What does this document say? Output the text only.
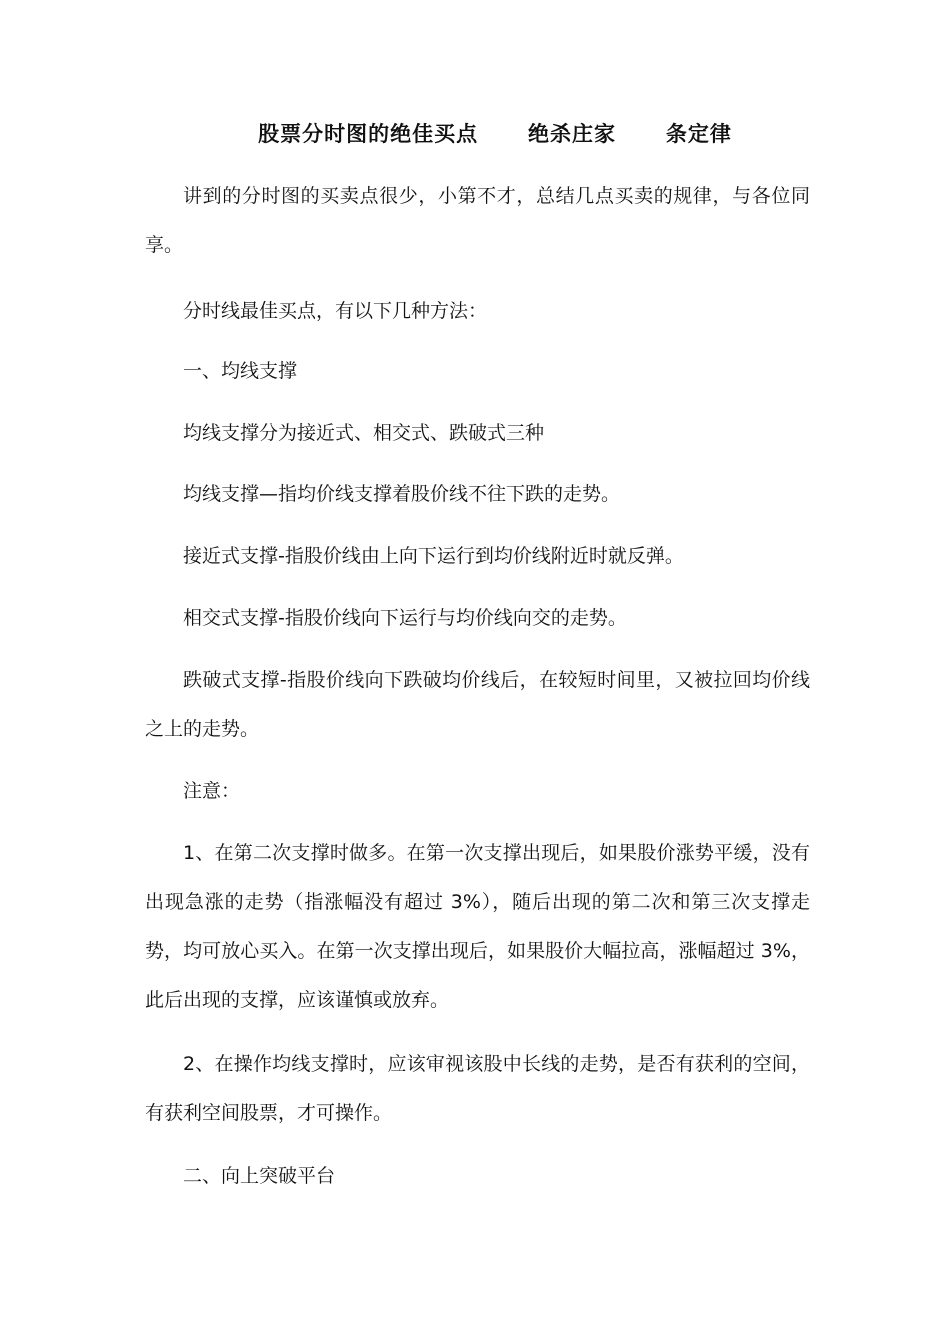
股票分时图的绝佳买点      绝杀庄家      条定律
讲到的分时图的买卖点很少，小第不才，总结几点买卖的规律，与各位同享。
分时线最佳买点，有以下几种方法：
一、均线支撑
均线支撑分为接近式、相交式、跌破式三种
均线支撑—指均价线支撑着股价线不往下跌的走势。
接近式支撑-指股价线由上向下运行到均价线附近时就反弹。
相交式支撑-指股价线向下运行与均价线向交的走势。
跌破式支撑-指股价线向下跌破均价线后，在较短时间里，又被拉回均价线之上的走势。
注意：
1、在第二次支撑时做多。在第一次支撑出现后，如果股价涨势平缓，没有出现急涨的走势（指涨幅没有超过 3%），随后出现的第二次和第三次支撑走势，均可放心买入。在第一次支撑出现后，如果股价大幅拉高，涨幅超过 3%，此后出现的支撑，应该谨慎或放弃。
2、在操作均线支撑时，应该审视该股中长线的走势，是否有获利的空间，有获利空间股票，才可操作。
二、向上突破平台
